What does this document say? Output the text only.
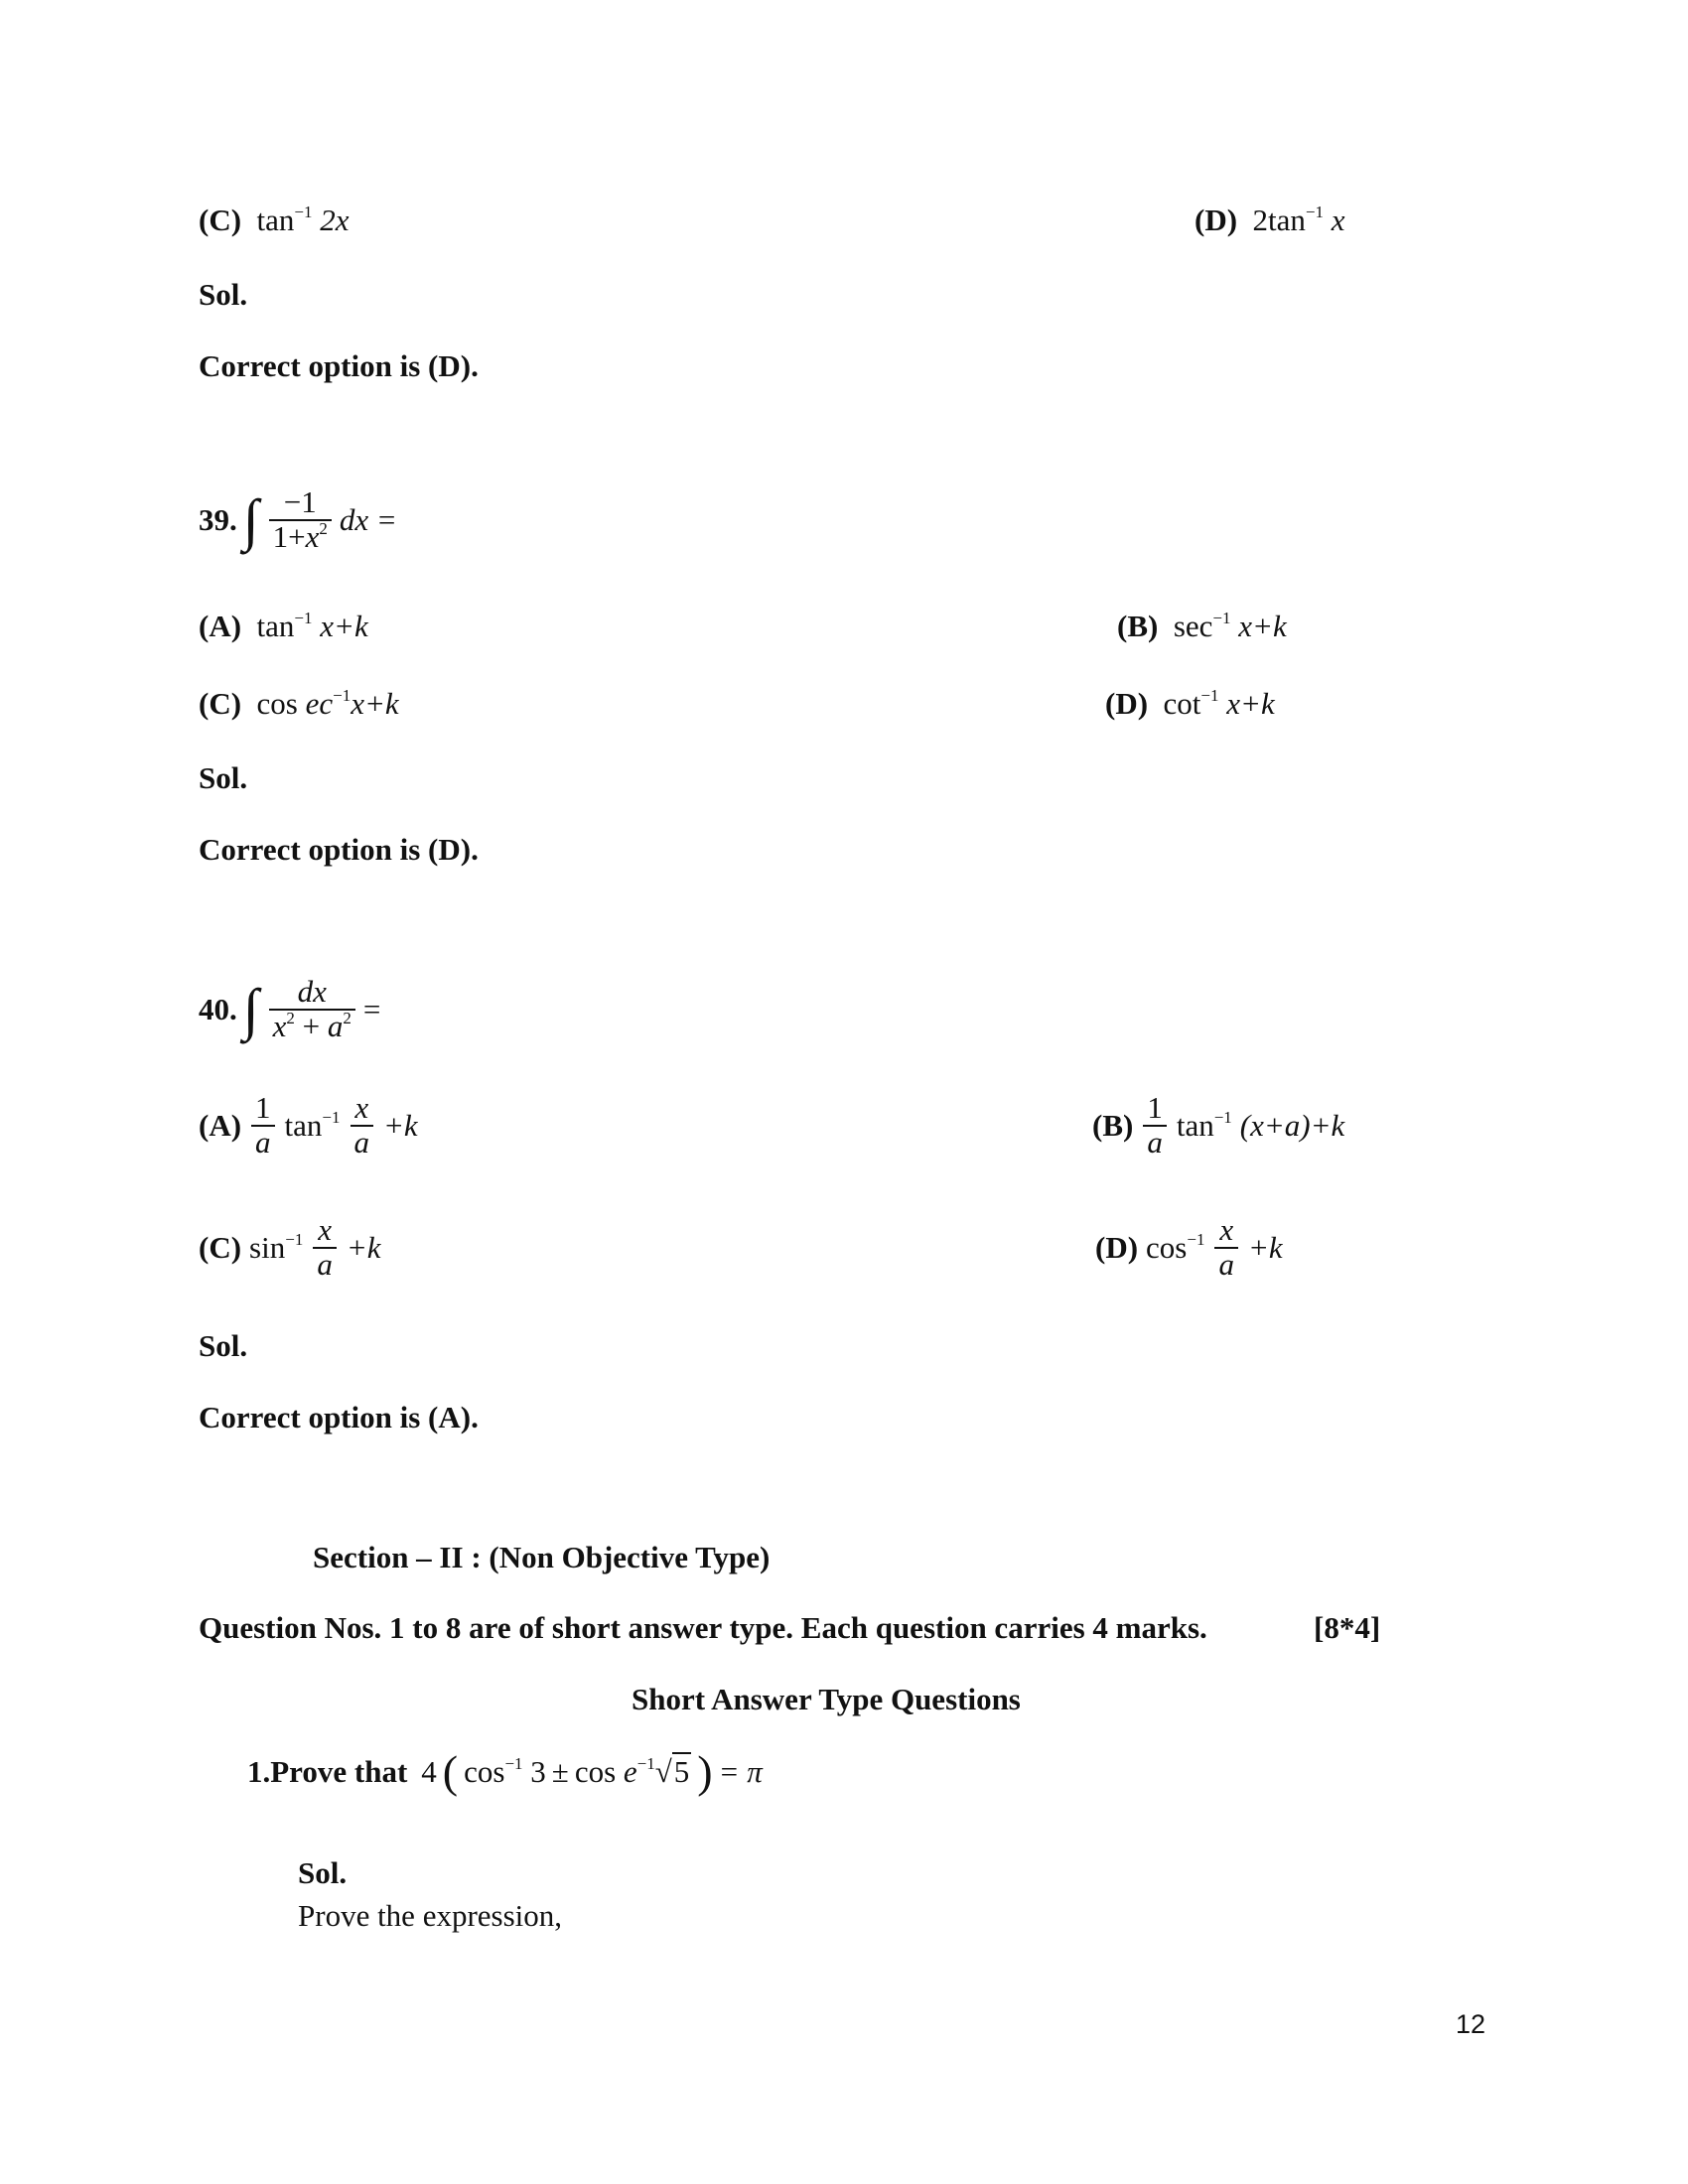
(C) $\tan^{-1} 2x$	(D) $2\tan^{-1}$ x
Sol.
Correct option is (D).
39. ∫ $\frac{-1}{1+x^2}$ dx =
(A) $\tan^{-1} x+k$	(B) $\sec^{-1} x+k$
(C) $\cos ec^{-1}x+k$	(D) $\cot^{-1} x+k$
Sol.
Correct option is (D).
40. ∫ $\frac{dx}{x^2 + a^2}$ =
$(A) \frac{1}{a} \tan^{-1} \frac{x}{a} +k$	$(B) \frac{1}{a} \tan^{-1} (x+a)+k$
(C) $\sin^{-1} \frac{x}{a} +k$	(D) $\cos^{-1} \frac{x}{a} +k$
Sol.
Correct option is (A).
Section – II : (Non Objective Type)
Question Nos. 1 to 8 are of short answer type. Each question carries 4 marks.	[8*4]
Short Answer Type Questions
1.Prove that 4 ( $\cos^{-1} 3 \pm \cos e^{-1}√5$ ) = π
Sol.
Prove the expression,
12
